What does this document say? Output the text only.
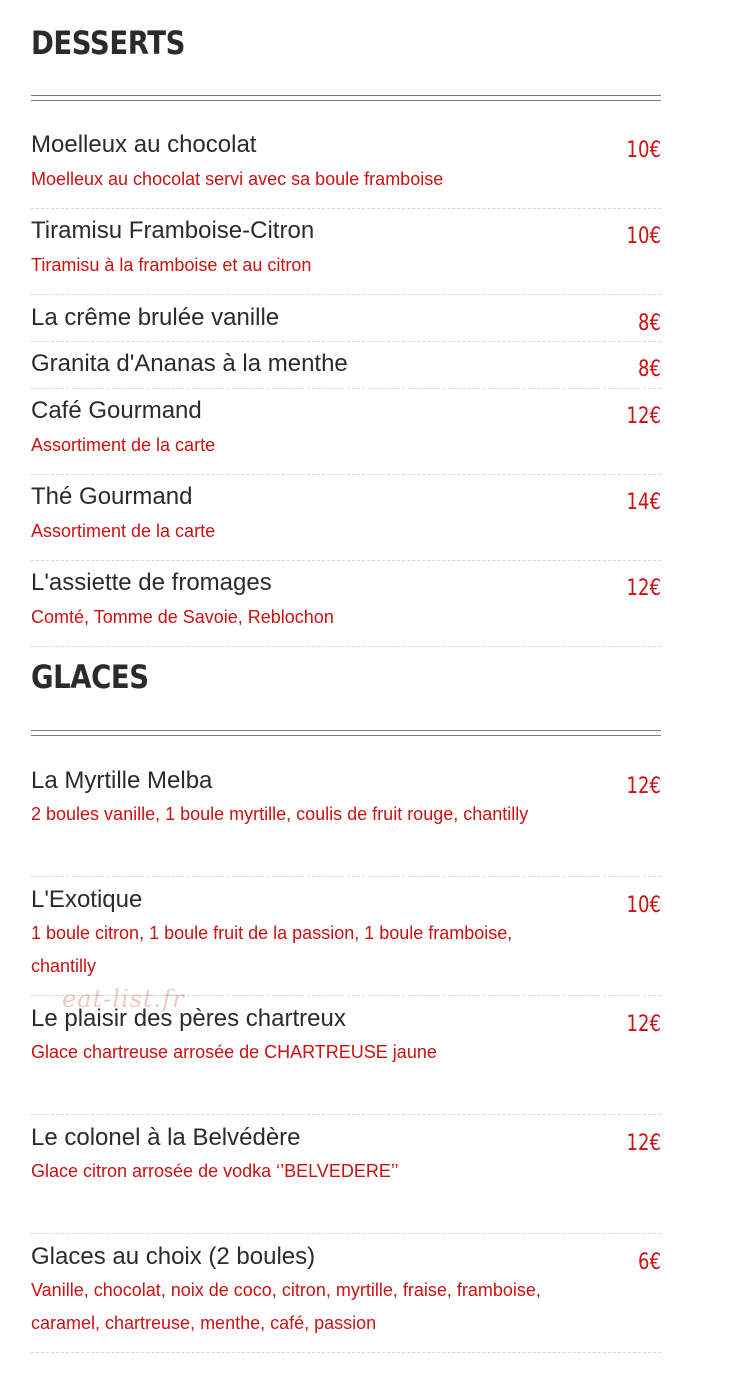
DESSERTS
Moelleux au chocolat
Moelleux au chocolat servi avec sa boule framboise
10€
Tiramisu Framboise-Citron
Tiramisu à la framboise et au citron
10€
La crême brulée vanille	8€
Granita d'Ananas à la menthe	8€
Café Gourmand
Assortiment de la carte
12€
Thé Gourmand
Assortiment de la carte
14€
L'assiette de fromages
Comté, Tomme de Savoie, Reblochon
12€
GLACES
La Myrtille Melba
2 boules vanille, 1 boule myrtille, coulis de fruit rouge, chantilly
12€
L'Exotique
1 boule citron, 1 boule fruit de la passion, 1 boule framboise, chantilly
10€
Le plaisir des pères chartreux
Glace chartreuse arrosée de CHARTREUSE jaune
12€
Le colonel à la Belvédère
Glace citron arrosée de vodka ‘’BELVEDERE’’
12€
Glaces au choix (2 boules)
Vanille, chocolat, noix de coco, citron, myrtille, fraise, framboise, caramel, chartreuse, menthe, café, passion
6€
eat-list.fr
